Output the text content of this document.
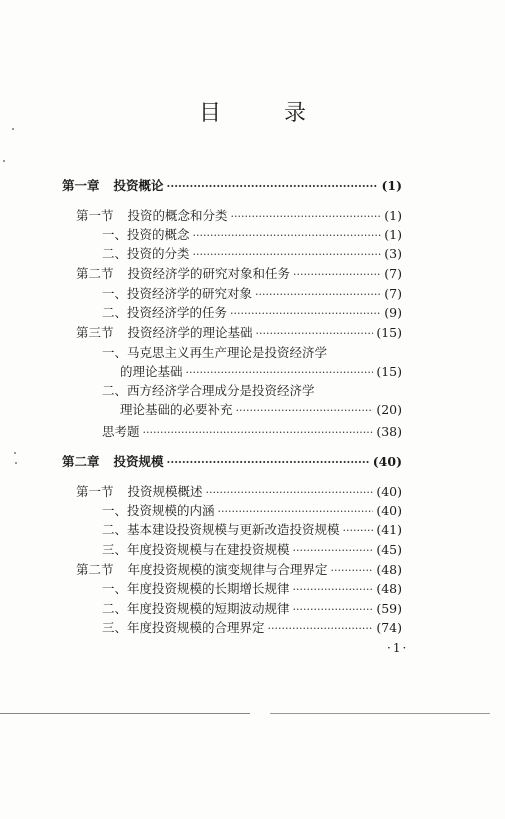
目 录
第一章 投资概论 ·····	(1)
第一节 投资的概念和分类 ·····	(1)
一、投资的概念 ·····	(1)
二、投资的分类 ·····	(3)
第二节 投资经济学的研究对象和任务 ·····	(7)
一、投资经济学的研究对象 ·····	(7)
二、投资经济学的任务 ·····	(9)
第三节 投资经济学的理论基础 ·····	(15)
一、马克思主义再生产理论是投资经济学
的理论基础 ·····	(15)
二、西方经济学合理成分是投资经济学
理论基础的必要补充 ·····	(20)
思考题 ·····	(38)
第二章 投资规模 ·····	(40)
第一节 投资规模概述 ·····	(40)
一、投资规模的内涵 ·····	(40)
二、基本建设投资规模与更新改造投资规模 ·····	(41)
三、年度投资规模与在建投资规模 ·····	(45)
第二节 年度投资规模的演变规律与合理界定 ·····	(48)
一、年度投资规模的长期增长规律 ·····	(48)
二、年度投资规模的短期波动规律 ·····	(59)
三、年度投资规模的合理界定 ·····	(74)
·1·
